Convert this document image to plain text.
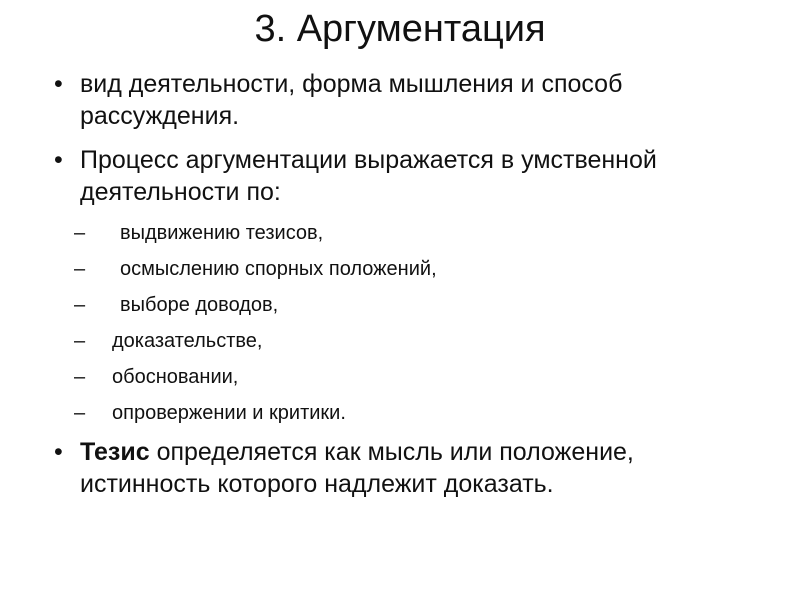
3. Аргументация
• вид деятельности, форма мышления и способ рассуждения.
• Процесс аргументации выражается в умственной деятельности по:
– выдвижению тезисов,
– осмыслению спорных положений,
– выборе доводов,
– доказательстве,
– обосновании,
– опровержении и критики.
• Тезис определяется как мысль или положение, истинность которого надлежит доказать.
